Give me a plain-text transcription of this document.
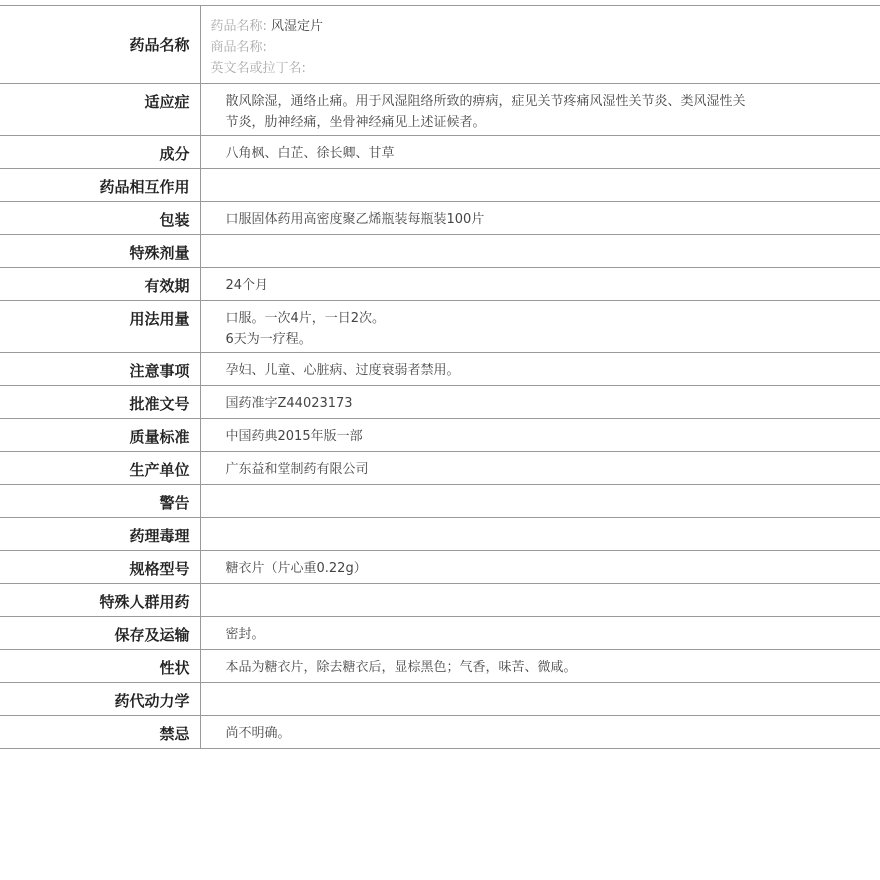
药品名称	药品名称: 风湿定片
商品名称:
英文名或拉丁名:

适应症	散风除湿，通络止痛。用于风湿阻络所致的痹病，症见关节疼痛风湿性关节炎、类风湿性关
节炎，肋神经痛，坐骨神经痛见上述证候者。

成分	八角枫、白芷、徐长卿、甘草
药品相互作用	
包装	口服固体药用高密度聚乙烯瓶装每瓶装100片
特殊剂量	
有效期	24个月
用法用量	口服。一次4片，一日2次。
6天为一疗程。

注意事项	孕妇、儿童、心脏病、过度衰弱者禁用。
批准文号	国药准字Z44023173
质量标准	中国药典2015年版一部
生产单位	广东益和堂制药有限公司
警告	
药理毒理	
规格型号	糖衣片（片心重0.22g）
特殊人群用药	
保存及运输	密封。
性状	本品为糖衣片，除去糖衣后，显棕黑色；气香，味苦、微咸。
药代动力学	
禁忌	尚不明确。
